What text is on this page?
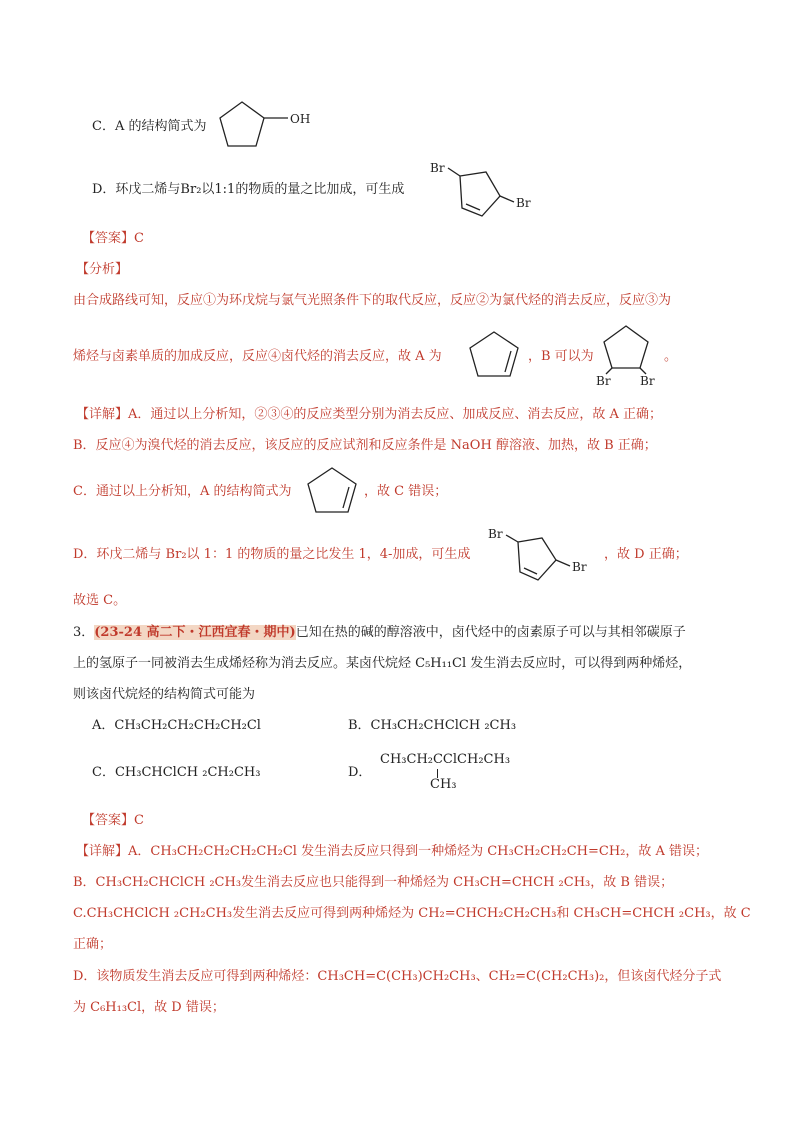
C．A 的结构简式为	OH
D．环戊二烯与Br₂以1:1的物质的量之比加成，可生成
Br
Br
【答案】C
【分析】
由合成路线可知，反应①为环戊烷与氯气光照条件下的取代反应，反应②为氯代烃的消去反应，反应③为
烯烃与卤素单质的加成反应，反应④卤代烃的消去反应，故 A 为	，B 可以为
Br Br
。
【详解】A．通过以上分析知，②③④的反应类型分别为消去反应、加成反应、消去反应，故 A 正确；
B．反应④为溴代烃的消去反应，该反应的反应试剂和反应条件是 NaOH 醇溶液、加热，故 B 正确；
C．通过以上分析知，A 的结构简式为	，故 C 错误；
D．环戊二烯与 Br₂以 1：1 的物质的量之比发生 1，4-加成，可生成
Br
Br
，故 D 正确；
故选 C。
3．(23-24 高二下・江西宜春・期中)已知在热的碱的醇溶液中，卤代烃中的卤素原子可以与其相邻碳原子
上的氢原子一同被消去生成烯烃称为消去反应。某卤代烷烃 C₅H₁₁Cl 发生消去反应时，可以得到两种烯烃，
则该卤代烷烃的结构简式可能为
A．CH₃CH₂CH₂CH₂CH₂Cl	B．CH₃CH₂CHClCH ₂CH₃
C．CH₃CHClCH ₂CH₂CH₃	D．
CH₃CH₂CClCH₂CH₃
CH₃
【答案】C
【详解】A．CH₃CH₂CH₂CH₂CH₂Cl 发生消去反应只得到一种烯烃为 CH₃CH₂CH₂CH=CH₂，故 A 错误；
B．CH₃CH₂CHClCH ₂CH₃发生消去反应也只能得到一种烯烃为 CH₃CH=CHCH ₂CH₃，故 B 错误；
C.CH₃CHClCH ₂CH₂CH₃发生消去反应可得到两种烯烃为 CH₂=CHCH₂CH₂CH₃和 CH₃CH=CHCH ₂CH₃，故 C
正确；
D．该物质发生消去反应可得到两种烯烃：CH₃CH=C(CH₃)CH₂CH₃、CH₂=C(CH₂CH₃)₂，但该卤代烃分子式
为 C₆H₁₃Cl，故 D 错误；
